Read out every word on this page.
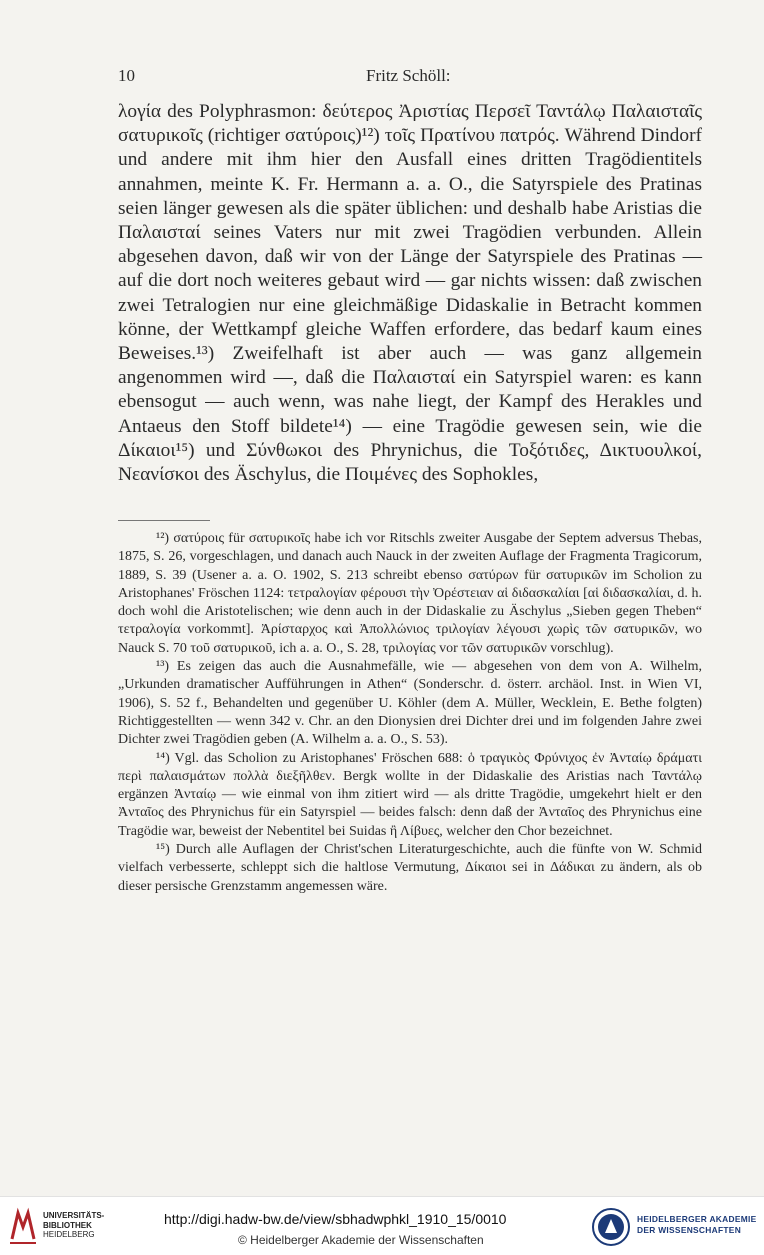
10	Fritz Schöll:
λογία des Polyphrasmon: δεύτερος Ἀριστίας Περσεῖ Ταντάλῳ Παλαισταῖς σατυρικοῖς (richtiger σατύροις)¹²) τοῖς Πρατίνου πατρός. Während Dindorf und andere mit ihm hier den Ausfall eines dritten Tragödientitels annahmen, meinte K. Fr. Hermann a. a. O., die Satyrspiele des Pratinas seien länger gewesen als die später üblichen: und deshalb habe Aristias die Παλαισταί seines Vaters nur mit zwei Tragödien verbunden. Allein abgesehen davon, daß wir von der Länge der Satyrspiele des Pratinas — auf die dort noch weiteres gebaut wird — gar nichts wissen: daß zwischen zwei Tetralogien nur eine gleichmäßige Didaskalie in Betracht kommen könne, der Wettkampf gleiche Waffen erfordere, das bedarf kaum eines Beweises.¹³) Zweifelhaft ist aber auch — was ganz allgemein angenommen wird —, daß die Παλαισταί ein Satyrspiel waren: es kann ebensogut — auch wenn, was nahe liegt, der Kampf des Herakles und Antaeus den Stoff bildete¹⁴) — eine Tragödie gewesen sein, wie die Δίκαιοι¹⁵) und Σύνθωκοι des Phrynichus, die Τοξότιδες, Δικτυουλκοί, Νεανίσκοι des Äschylus, die Ποιμένες des Sophokles,

¹²) σατύροις für σατυρικοῖς habe ich vor Ritschls zweiter Ausgabe der Septem adversus Thebas, 1875, S. 26, vorgeschlagen, und danach auch Nauck in der zweiten Auflage der Fragmenta Tragicorum, 1889, S. 39 (Usener a. a. O. 1902, S. 213 schreibt ebenso σατύρων für σατυρικῶν im Scholion zu Aristophanes' Fröschen 1124: τετραλογίαν φέρουσι τὴν Ὀρέστειαν αἱ διδασκαλίαι [αἱ διδασκαλίαι, d. h. doch wohl die Aristotelischen; wie denn auch in der Didaskalie zu Äschylus „Sieben gegen Theben“ τετραλογία vorkommt]. Ἀρίσταρχος καὶ Ἀπολλώνιος τριλογίαν λέγουσι χωρὶς τῶν σατυρικῶν, wo Nauck S. 70 τοῦ σατυρικοῦ, ich a. a. O., S. 28, τριλογίας vor τῶν σατυρικῶν vorschlug).

¹³) Es zeigen das auch die Ausnahmefälle, wie — abgesehen von dem von A. Wilhelm, „Urkunden dramatischer Aufführungen in Athen“ (Sonderschr. d. österr. archäol. Inst. in Wien VI, 1906), S. 52 f., Behandelten und gegenüber U. Köhler (dem A. Müller, Wecklein, E. Bethe folgten) Richtiggestellten — wenn 342 v. Chr. an den Dionysien drei Dichter drei und im folgenden Jahre zwei Dichter zwei Tragödien geben (A. Wilhelm a. a. O., S. 53).

¹⁴) Vgl. das Scholion zu Aristophanes' Fröschen 688: ὁ τραγικὸς Φρύνιχος ἐν Ἀνταίῳ δράματι περὶ παλαισμάτων πολλὰ διεξῆλθεν. Bergk wollte in der Didaskalie des Aristias nach Ταντάλῳ ergänzen Ἀνταίῳ — wie einmal von ihm zitiert wird — als dritte Tragödie, umgekehrt hielt er den Ἀνταῖος des Phrynichus für ein Satyrspiel — beides falsch: denn daß der Ἀνταῖος des Phrynichus eine Tragödie war, beweist der Nebentitel bei Suidas ἢ Λίβυες, welcher den Chor bezeichnet.

¹⁵) Durch alle Auflagen der Christ'schen Literaturgeschichte, auch die fünfte von W. Schmid vielfach verbesserte, schleppt sich die haltlose Vermutung, Δίκαιοι sei in Δάδικαι zu ändern, als ob dieser persische Grenzstamm angemessen wäre.

UNIVERSITÄTS-
BIBLIOTHEK
HEIDELBERG
http://digi.hadw-bw.de/view/sbhadwphkl_1910_15/0010
© Heidelberger Akademie der Wissenschaften
HEIDELBERGER AKADEMIE
DER WISSENSCHAFTEN
